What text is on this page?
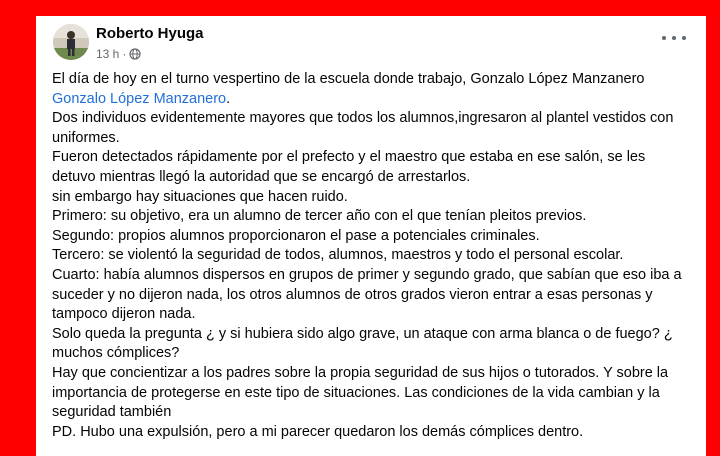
Roberto Hyuga
13 h ·

El día de hoy en el turno vespertino de la escuela donde trabajo, Gonzalo López Manzanero
Gonzalo López Manzanero.

Dos individuos evidentemente mayores que todos los alumnos,ingresaron al plantel vestidos con uniformes.

Fueron detectados rápidamente por el prefecto y el maestro que estaba en ese salón, se les detuvo mientras llegó la autoridad que se encargó de arrestarlos.

sin embargo hay situaciones que hacen ruido.

Primero: su objetivo, era un alumno de tercer año con el que tenían pleitos previos.

Segundo: propios alumnos proporcionaron el pase a potenciales criminales.

Tercero: se violentó la seguridad de todos, alumnos, maestros y todo el personal escolar.

Cuarto: había alumnos dispersos en grupos de primer y segundo grado, que sabían que eso iba a suceder y no dijeron nada, los otros alumnos de otros grados vieron entrar a esas personas y tampoco dijeron nada.

Solo queda la pregunta ¿ y si hubiera sido algo grave, un ataque con arma blanca o de fuego? ¿ muchos cómplices?

Hay que concientizar a los padres sobre la propia seguridad de sus hijos o tutorados. Y sobre la importancia de protegerse en este tipo de situaciones. Las condiciones de la vida cambian y la seguridad también

PD. Hubo una expulsión, pero a mi parecer quedaron los demás cómplices dentro.
